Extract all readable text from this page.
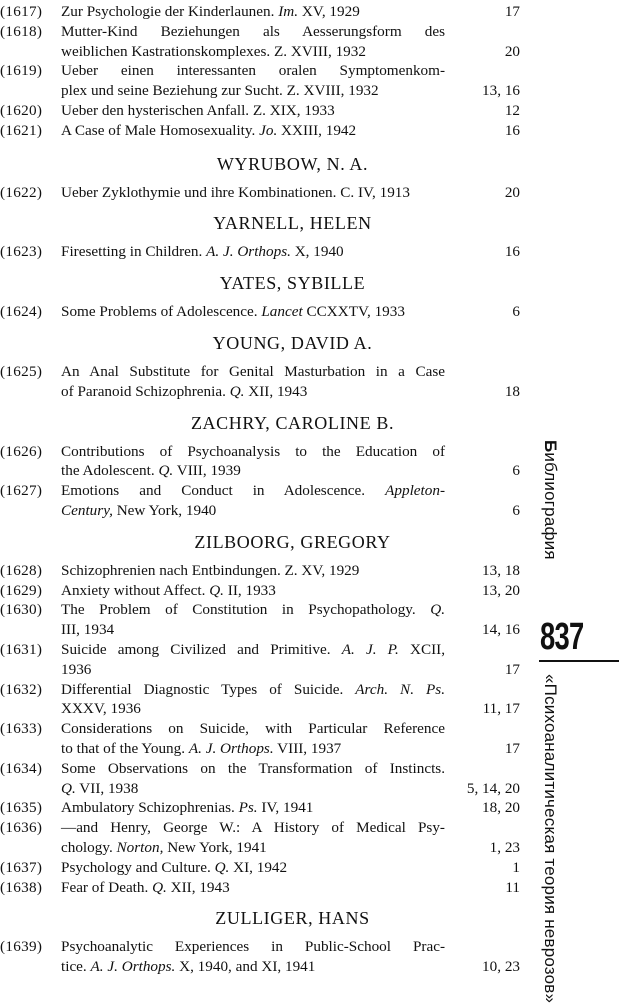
(1617) Zur Psychologie der Kinderlaunen. Im. XV, 1929	17
(1618) Mutter-Kind Beziehungen als Aesserungsform des
weiblichen Kastrationskomplexes. Z. XVIII, 1932	20
(1619) Ueber einen interessanten oralen Symptomenkom-
plex und seine Beziehung zur Sucht. Z. XVIII, 1932	13, 16
(1620) Ueber den hysterischen Anfall. Z. XIX, 1933	12
(1621) A Case of Male Homosexuality. Jo. XXIII, 1942	16
WYRUBOW, N. A.
(1622) Ueber Zyklothymie und ihre Kombinationen. C. IV, 1913	20
YARNELL, HELEN
(1623) Firesetting in Children. A. J. Orthops. X, 1940	16
YATES, SYBILLE
(1624) Some Problems of Adolescence. Lancet CCXXTV, 1933	6
YOUNG, DAVID A.
(1625) An Anal Substitute for Genital Masturbation in a Case
of Paranoid Schizophrenia. Q. XII, 1943	18
ZACHRY, CAROLINE B.
(1626) Contributions of Psychoanalysis to the Education of
the Adolescent. Q. VIII, 1939	6
(1627) Emotions and Conduct in Adolescence. Appleton-
Century, New York, 1940	6
ZILBOORG, GREGORY
(1628) Schizophrenien nach Entbindungen. Z. XV, 1929	13, 18
(1629) Anxiety without Affect. Q. II, 1933	13, 20
(1630) The Problem of Constitution in Psychopathology. Q.
III, 1934	14, 16
(1631) Suicide among Civilized and Primitive. A. J. P. XCII,
1936	17
(1632) Differential Diagnostic Types of Suicide. Arch. N. Ps.
XXXV, 1936	11, 17
(1633) Considerations on Suicide, with Particular Reference
to that of the Young. A. J. Orthops. VIII, 1937	17
(1634) Some Observations on the Transformation of Instincts.
Q. VII, 1938	5, 14, 20
(1635) Ambulatory Schizophrenias. Ps. IV, 1941	18, 20
(1636) —and Henry, George W.: A History of Medical Psy-
chology. Norton, New York, 1941	1, 23
(1637) Psychology and Culture. Q. XI, 1942	1
(1638) Fear of Death. Q. XII, 1943	11
ZULLIGER, HANS
(1639) Psychoanalytic Experiences in Public-School Prac-
tice. A. J. Orthops. X, 1940, and XI, 1941	10, 23
Библиография
837
«Психоаналитическая теория неврозов»
